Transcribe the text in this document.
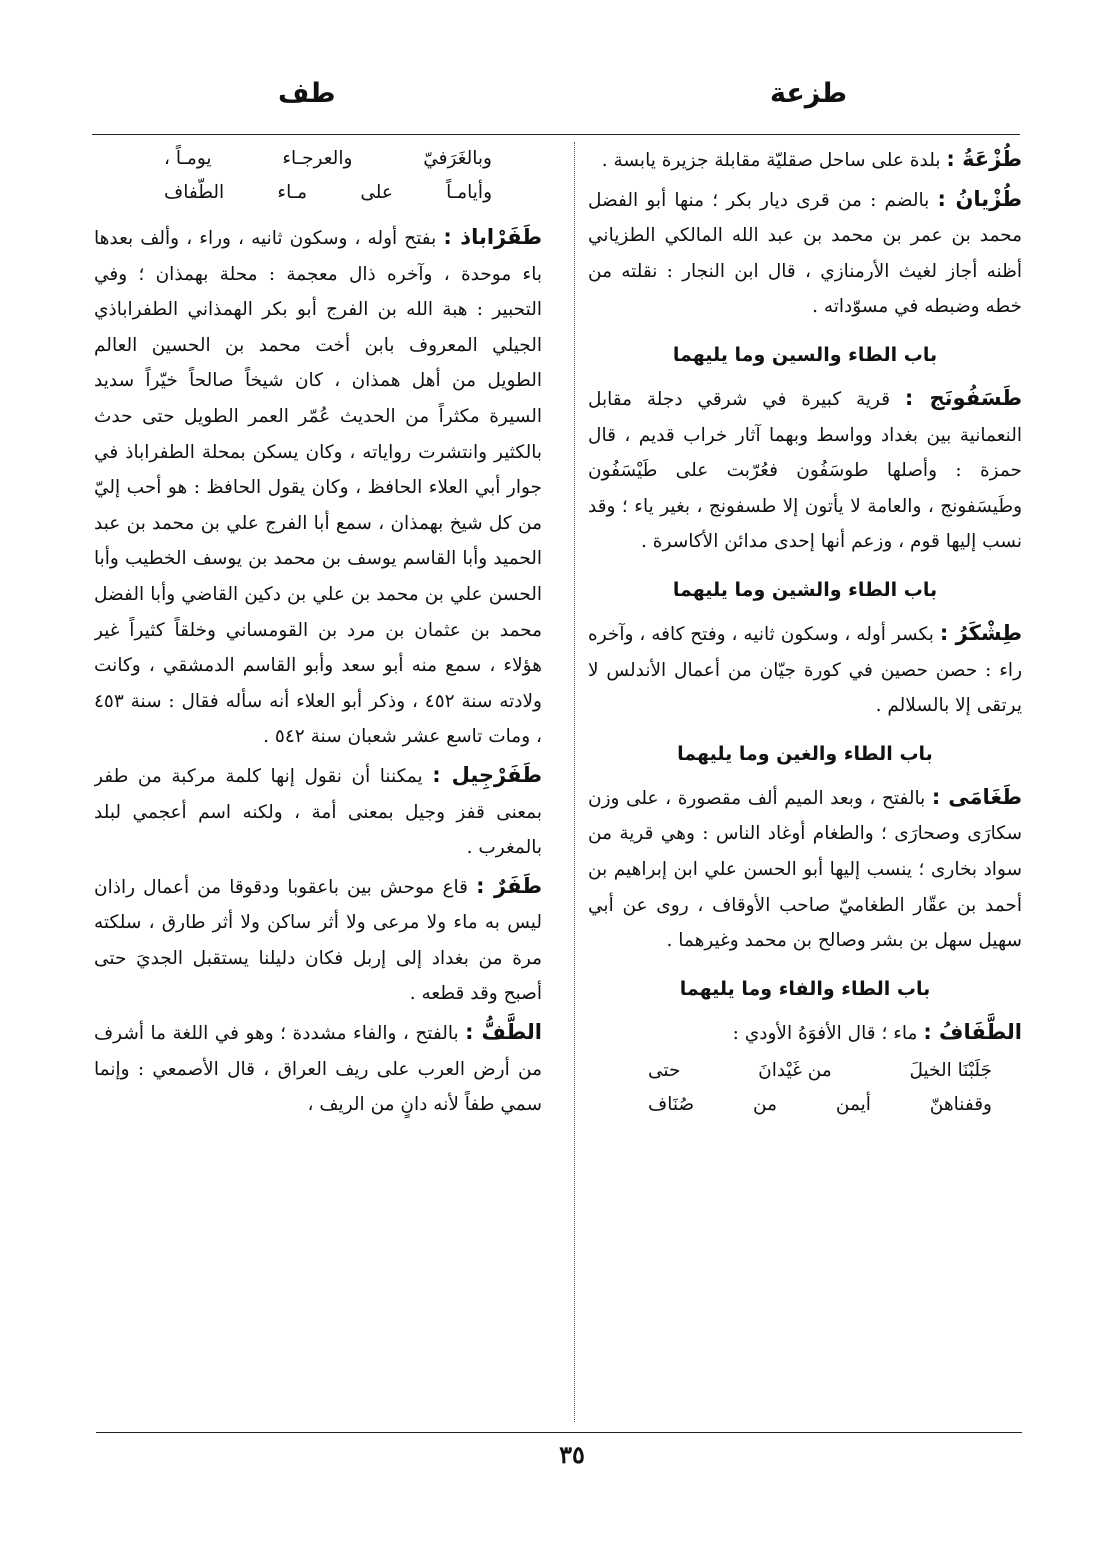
طزعة
طف

طُزْعَةُ : بلدة على ساحل صقليّة مقابلة جزيرة يابسة .

طُزْيانُ : بالضم : من قرى ديار بكر ؛ منها أبو الفضل محمد بن عمر بن محمد بن عبد الله المالكي الطزياني أظنه أجاز لغيث الأرمنازي ، قال ابن النجار : نقلته من خطه وضبطه في مسوّداته .

باب الطاء والسين وما يليهما

طَسَفُونَج : قرية كبيرة في شرقي دجلة مقابل النعمانية بين بغداد وواسط وبهما آثار خراب قديم ، قال حمزة : وأصلها طوسَفُون فعُرّبت على طَيْسَفُون وطَيسَفونج ، والعامة لا يأتون إلا طسفونج ، بغير ياء ؛ وقد نسب إليها قوم ، وزعم أنها إحدى مدائن الأكاسرة .

باب الطاء والشين وما يليهما

طِشْكَرُ : بكسر أوله ، وسكون ثانيه ، وفتح كافه ، وآخره راء : حصن حصين في كورة جيّان من أعمال الأندلس لا يرتقى إلا بالسلالم .

باب الطاء والغين وما يليهما

طَغَامَى : بالفتح ، وبعد الميم ألف مقصورة ، على وزن سكارَى وصحارَى ؛ والطغام أوغاد الناس : وهي قرية من سواد بخارى ؛ ينسب إليها أبو الحسن علي ابن إبراهيم بن أحمد بن عقّار الطغاميّ صاحب الأوقاف ، روى عن أبي سهيل سهل بن بشر وصالح بن محمد وغيرهما .

باب الطاء والفاء وما يليهما

الطَّفَافُ : ماء ؛ قال الأفوَهُ الأودي :

جَلَبْنَا الخيلَ
من غَيْدانَ
حتى
وقفناهنّ
أيمن
من
صُنَاف
وبالغَرَفيّ
والعرجـاء
يومـاً ،
وأيامـاً
على
مـاء
الطّفاف

طَفَرْاباذ : بفتح أوله ، وسكون ثانيه ، وراء ، وألف بعدها باء موحدة ، وآخره ذال معجمة : محلة بهمذان ؛ وفي التحبير : هبة الله بن الفرج أبو بكر الهمذاني الطفراباذي الجيلي المعروف بابن أخت محمد بن الحسين العالم الطويل من أهل همذان ، كان شيخاً صالحاً خيّراً سديد السيرة مكثراً من الحديث عُمّر العمر الطويل حتى حدث بالكثير وانتشرت رواياته ، وكان يسكن بمحلة الطفراباذ في جوار أبي العلاء الحافظ ، وكان يقول الحافظ : هو أحب إليّ من كل شيخ بهمذان ، سمع أبا الفرج علي بن محمد بن عبد الحميد وأبا القاسم يوسف بن محمد بن يوسف الخطيب وأبا الحسن علي بن محمد بن علي بن دكين القاضي وأبا الفضل محمد بن عثمان بن مرد بن القومساني وخلقاً كثيراً غير هؤلاء ، سمع منه أبو سعد وأبو القاسم الدمشقي ، وكانت ولادته سنة ٤٥٢ ، وذكر أبو العلاء أنه سأله فقال : سنة ٤٥٣ ، ومات تاسع عشر شعبان سنة ٥٤٢ .

طَفَرْجِيل : يمكننا أن نقول إنها كلمة مركبة من طفر بمعنى قفز وجيل بمعنى أمة ، ولكنه اسم أعجمي لبلد بالمغرب .

طَفَرٌ : قاع موحش بين باعقوبا ودقوقا من أعمال راذان ليس به ماء ولا مرعى ولا أثر ساكن ولا أثر طارق ، سلكته مرة من بغداد إلى إربل فكان دليلنا يستقبل الجديَ حتى أصبح وقد قطعه .

الطَّفُّ : بالفتح ، والفاء مشددة ؛ وهو في اللغة ما أشرف من أرض العرب على ريف العراق ، قال الأصمعي : وإنما سمي طفاً لأنه دانٍ من الريف ،

٣٥
